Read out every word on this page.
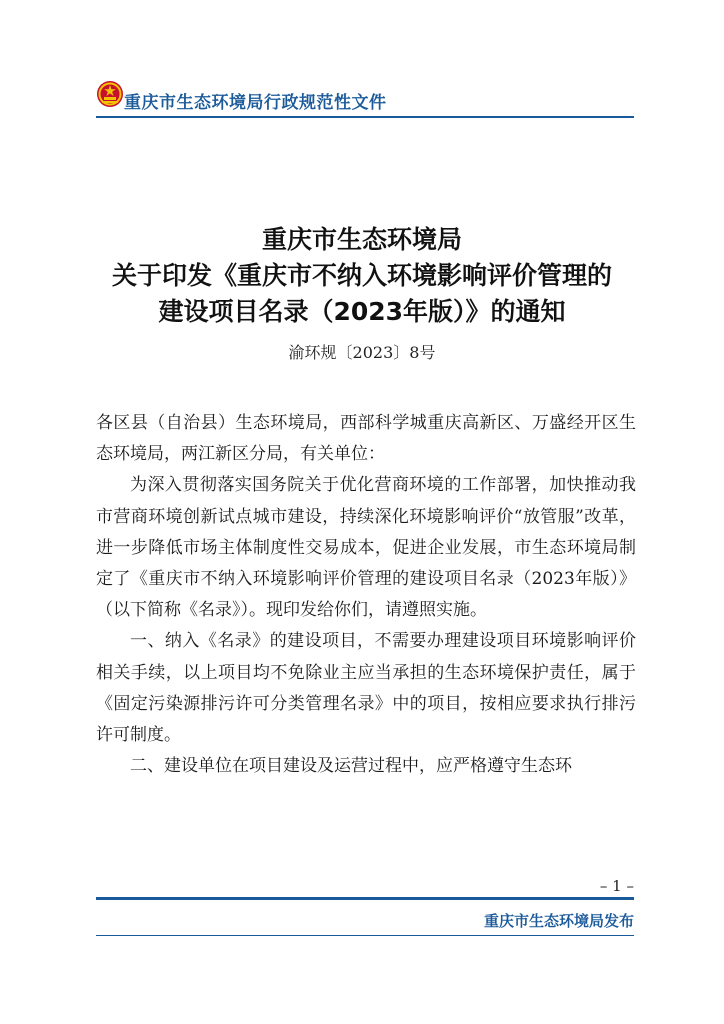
重庆市生态环境局行政规范性文件
重庆市生态环境局
关于印发《重庆市不纳入环境影响评价管理的
建设项目名录（2023年版）》的通知
渝环规〔2023〕8号

各区县（自治县）生态环境局，西部科学城重庆高新区、万盛经开区生态环境局，两江新区分局，有关单位：

为深入贯彻落实国务院关于优化营商环境的工作部署，加快推动我市营商环境创新试点城市建设，持续深化环境影响评价“放管服”改革，进一步降低市场主体制度性交易成本，促进企业发展，市生态环境局制定了《重庆市不纳入环境影响评价管理的建设项目名录（2023年版）》（以下简称《名录》）。现印发给你们，请遵照实施。

一、纳入《名录》的建设项目，不需要办理建设项目环境影响评价相关手续，以上项目均不免除业主应当承担的生态环境保护责任，属于《固定污染源排污许可分类管理名录》中的项目，按相应要求执行排污许可制度。

二、建设单位在项目建设及运营过程中，应严格遵守生态环

– 1 –
重庆市生态环境局发布
